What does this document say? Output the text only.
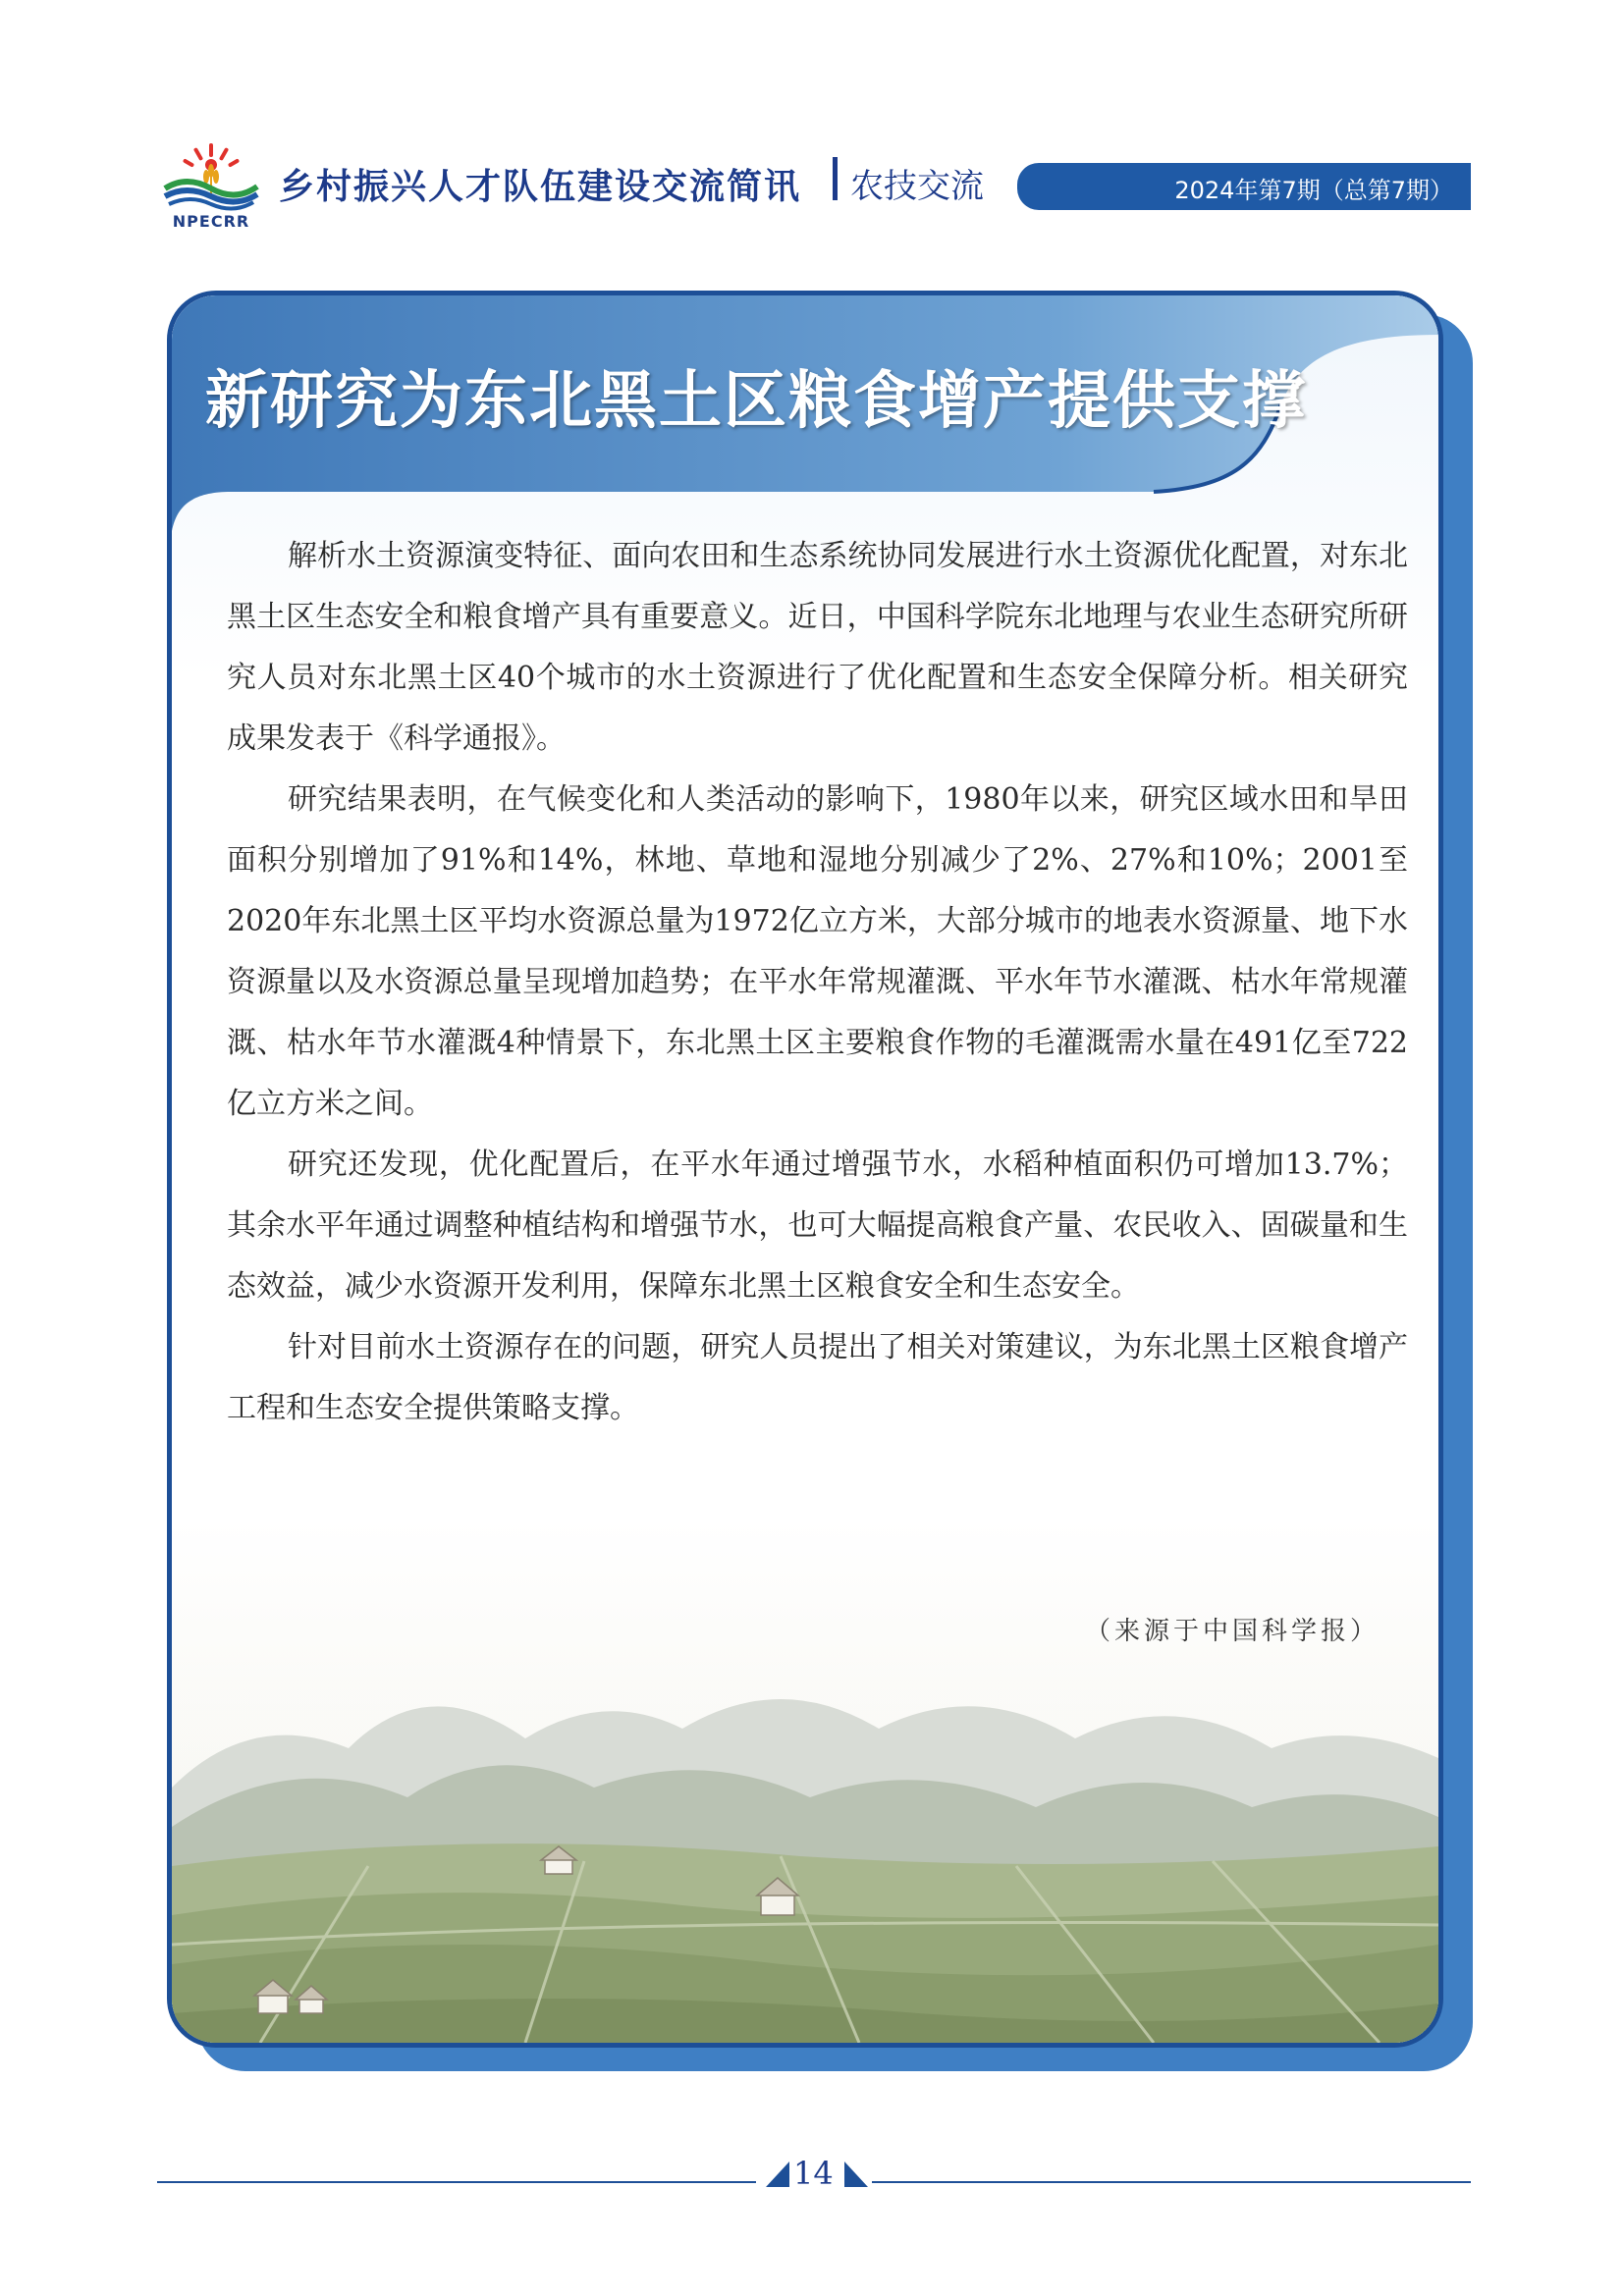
NPECRR
乡村振兴人才队伍建设交流简讯 农技交流	2024年第7期（总第7期）
新研究为东北黑土区粮食增产提供支撑

解析水土资源演变特征、面向农田和生态系统协同发展进行水土资源优化配置，对东北黑土区生态安全和粮食增产具有重要意义。近日，中国科学院东北地理与农业生态研究所研究人员对东北黑土区40个城市的水土资源进行了优化配置和生态安全保障分析。相关研究成果发表于《科学通报》。

研究结果表明，在气候变化和人类活动的影响下，1980年以来，研究区域水田和旱田面积分别增加了91%和14%，林地、草地和湿地分别减少了2%、27%和10%；2001至2020年东北黑土区平均水资源总量为1972亿立方米，大部分城市的地表水资源量、地下水资源量以及水资源总量呈现增加趋势；在平水年常规灌溉、平水年节水灌溉、枯水年常规灌溉、枯水年节水灌溉4种情景下，东北黑土区主要粮食作物的毛灌溉需水量在491亿至722亿立方米之间。

研究还发现，优化配置后，在平水年通过增强节水，水稻种植面积仍可增加13.7%；其余水平年通过调整种植结构和增强节水，也可大幅提高粮食产量、农民收入、固碳量和生态效益，减少水资源开发利用，保障东北黑土区粮食安全和生态安全。

针对目前水土资源存在的问题，研究人员提出了相关对策建议，为东北黑土区粮食增产工程和生态安全提供策略支撑。

14
